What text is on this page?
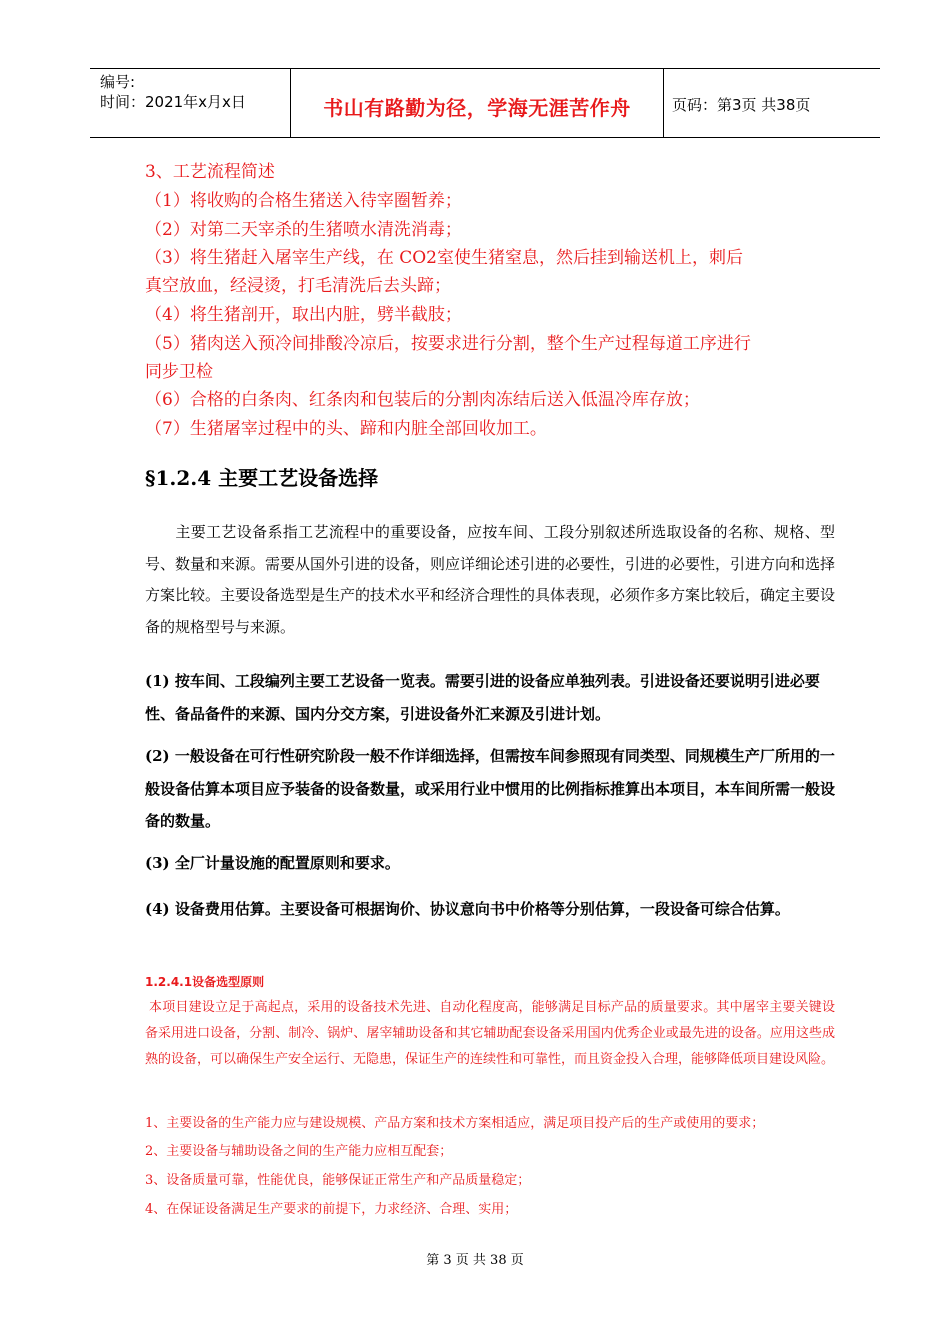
编号:
时间：2021年x月x日	书山有路勤为径，学海无涯苦作舟	页码：第3页 共38页

3、工艺流程简述

（1）将收购的合格生猪送入待宰圈暂养；

（2）对第二天宰杀的生猪喷水清洗消毒；

（3）将生猪赶入屠宰生产线，在 CO2室使生猪窒息，然后挂到输送机上，刺后

真空放血，经浸烫，打毛清洗后去头蹄；

（4）将生猪剖开，取出内脏，劈半截肢；

（5）猪肉送入预冷间排酸冷凉后，按要求进行分割，整个生产过程每道工序进行

同步卫检

（6）合格的白条肉、红条肉和包装后的分割肉冻结后送入低温冷库存放；

（7）生猪屠宰过程中的头、蹄和内脏全部回收加工。

§1.2.4 主要工艺设备选择
主要工艺设备系指工艺流程中的重要设备，应按车间、工段分别叙述所选取设备的名称、规格、型号、数量和来源。需要从国外引进的设备，则应详细论述引进的必要性，引进的必要性，引进方向和选择方案比较。主要设备选型是生产的技术水平和经济合理性的具体表现，必须作多方案比较后，确定主要设备的规格型号与来源。
(1) 按车间、工段编列主要工艺设备一览表。需要引进的设备应单独列表。引进设备还要说明引进必要性、备品备件的来源、国内分交方案，引进设备外汇来源及引进计划。
(2) 一般设备在可行性研究阶段一般不作详细选择，但需按车间参照现有同类型、同规模生产厂所用的一般设备估算本项目应予装备的设备数量，或采用行业中惯用的比例指标推算出本项目，本车间所需一般设备的数量。
(3) 全厂计量设施的配置原则和要求。
(4) 设备费用估算。主要设备可根据询价、协议意向书中价格等分别估算，一段设备可综合估算。
1.2.4.1设备选型原则
本项目建设立足于高起点，采用的设备技术先进、自动化程度高，能够满足目标产品的质量要求。其中屠宰主要关键设备采用进口设备，分割、制冷、锅炉、屠宰辅助设备和其它辅助配套设备采用国内优秀企业或最先进的设备。应用这些成熟的设备，可以确保生产安全运行、无隐患，保证生产的连续性和可靠性，而且资金投入合理，能够降低项目建设风险。
1、主要设备的生产能力应与建设规模、产品方案和技术方案相适应，满足项目投产后的生产或使用的要求；
2、主要设备与辅助设备之间的生产能力应相互配套；
3、设备质量可靠，性能优良，能够保证正常生产和产品质量稳定；
4、在保证设备满足生产要求的前提下，力求经济、合理、实用；
第 3 页 共 38 页
